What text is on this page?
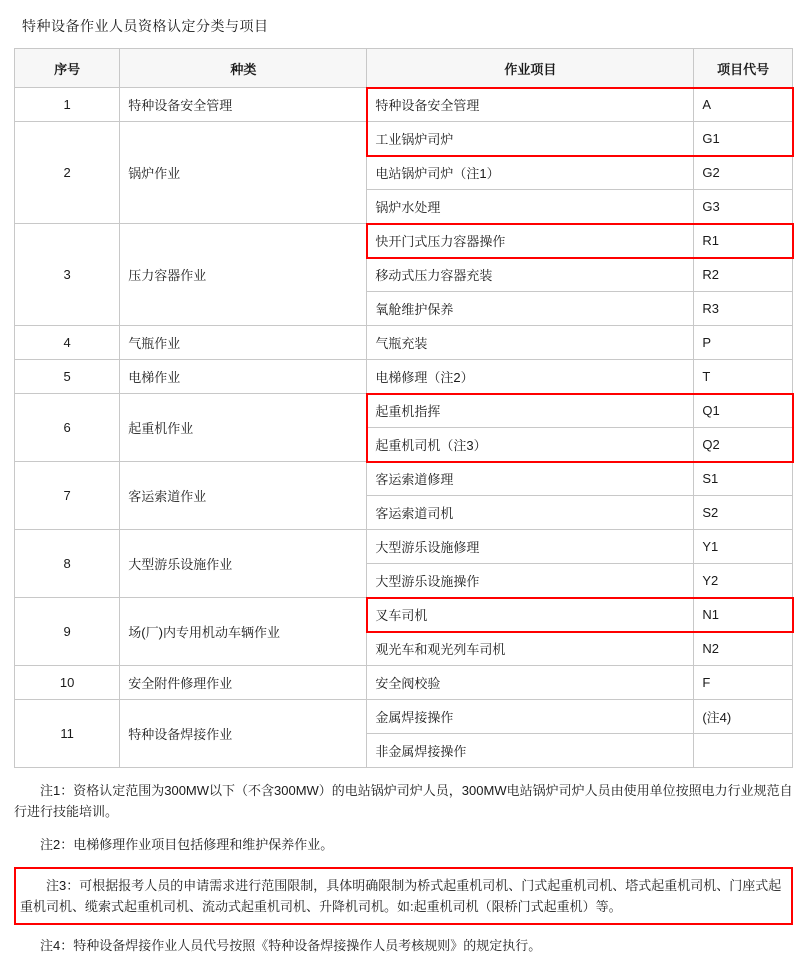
特种设备作业人员资格认定分类与项目
序号	种类	作业项目	项目代号
1	特种设备安全管理	特种设备安全管理	A
2	锅炉作业	工业锅炉司炉	G1
		电站锅炉司炉（注1）	G2
		锅炉水处理	G3
3	压力容器作业	快开门式压力容器操作	R1
		移动式压力容器充装	R2
		氧舱维护保养	R3
4	气瓶作业	气瓶充装	P
5	电梯作业	电梯修理（注2）	T
6	起重机作业	起重机指挥	Q1
		起重机司机（注3）	Q2
7	客运索道作业	客运索道修理	S1
		客运索道司机	S2
8	大型游乐设施作业	大型游乐设施修理	Y1
		大型游乐设施操作	Y2
9	场(厂)内专用机动车辆作业	叉车司机	N1
		观光车和观光列车司机	N2
10	安全附件修理作业	安全阀校验	F
11	特种设备焊接作业	金属焊接操作	(注4)
		非金属焊接操作	

注1：资格认定范围为300MW以下（不含300MW）的电站锅炉司炉人员，300MW电站锅炉司炉人员由使用单位按照电力行业规范自行进行技能培训。

注2：电梯修理作业项目包括修理和维护保养作业。

注3：可根据报考人员的申请需求进行范围限制，具体明确限制为桥式起重机司机、门式起重机司机、塔式起重机司机、门座式起重机司机、缆索式起重机司机、流动式起重机司机、升降机司机。如:起重机司机（限桥门式起重机）等。

注4：特种设备焊接作业人员代号按照《特种设备焊接操作人员考核规则》的规定执行。
